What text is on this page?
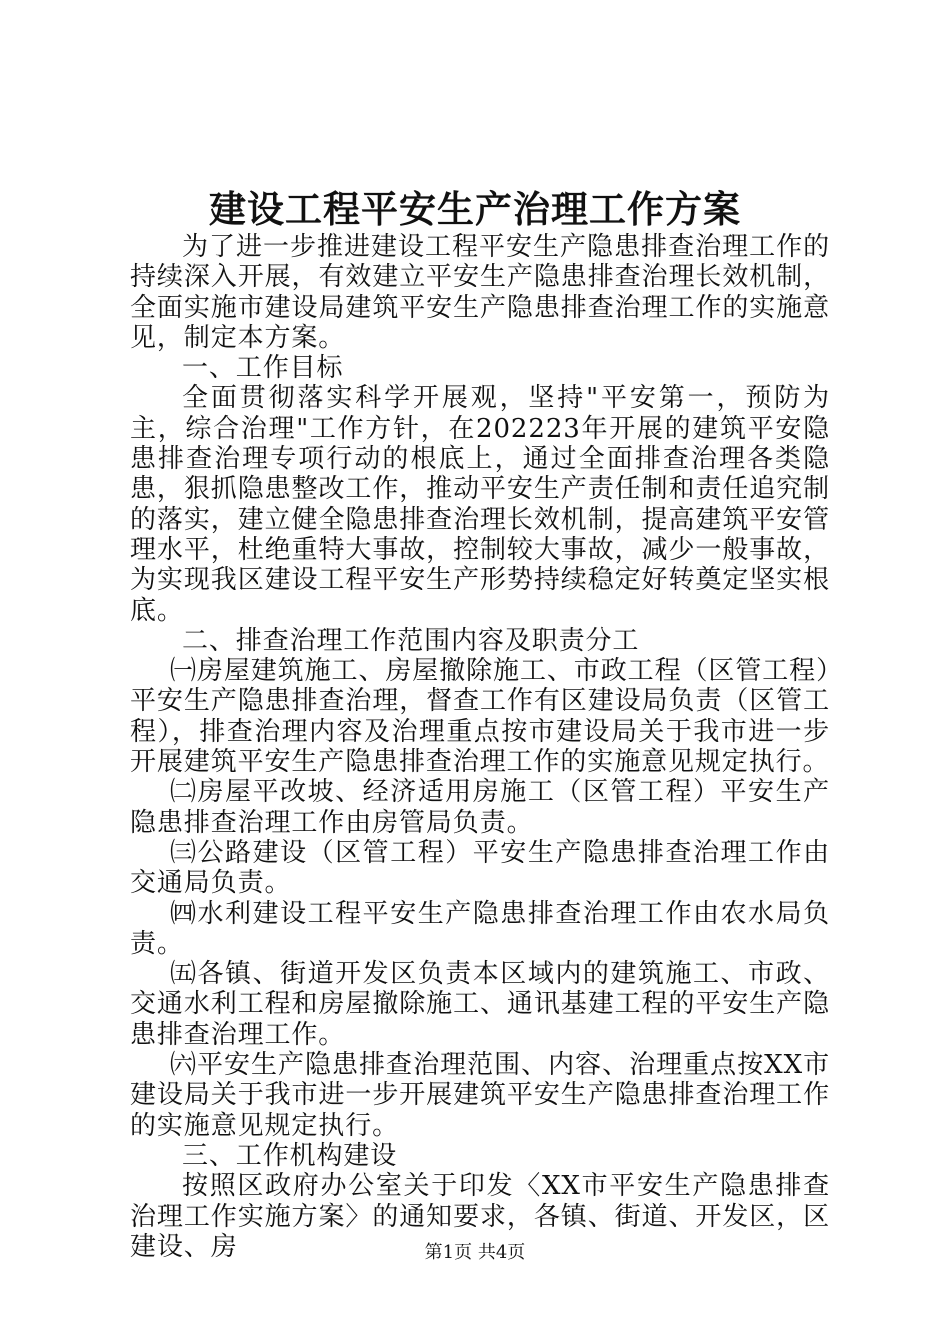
建设工程平安生产治理工作方案

为了进一步推进建设工程平安生产隐患排查治理工作的持续深入开展，有效建立平安生产隐患排查治理长效机制，全面实施市建设局建筑平安生产隐患排查治理工作的实施意见，制定本方案。

一、工作目标

全面贯彻落实科学开展观，坚持"平安第一，预防为主，综合治理"工作方针，在202223年开展的建筑平安隐患排查治理专项行动的根底上，通过全面排查治理各类隐患，狠抓隐患整改工作，推动平安生产责任制和责任追究制的落实，建立健全隐患排查治理长效机制，提高建筑平安管理水平，杜绝重特大事故，控制较大事故，减少一般事故，为实现我区建设工程平安生产形势持续稳定好转奠定坚实根底。

二、排查治理工作范围内容及职责分工

㈠房屋建筑施工、房屋撤除施工、市政工程（区管工程）平安生产隐患排查治理，督查工作有区建设局负责（区管工程），排查治理内容及治理重点按市建设局关于我市进一步开展建筑平安生产隐患排查治理工作的实施意见规定执行。

㈡房屋平改坡、经济适用房施工（区管工程）平安生产隐患排查治理工作由房管局负责。

㈢公路建设（区管工程）平安生产隐患排查治理工作由交通局负责。

㈣水利建设工程平安生产隐患排查治理工作由农水局负责。

㈤各镇、街道开发区负责本区域内的建筑施工、市政、交通水利工程和房屋撤除施工、通讯基建工程的平安生产隐患排查治理工作。

㈥平安生产隐患排查治理范围、内容、治理重点按XX市建设局关于我市进一步开展建筑平安生产隐患排查治理工作的实施意见规定执行。

三、工作机构建设

按照区政府办公室关于印发〈XX市平安生产隐患排查治理工作实施方案〉的通知要求，各镇、街道、开发区，区建设、房	第1页 共4页
